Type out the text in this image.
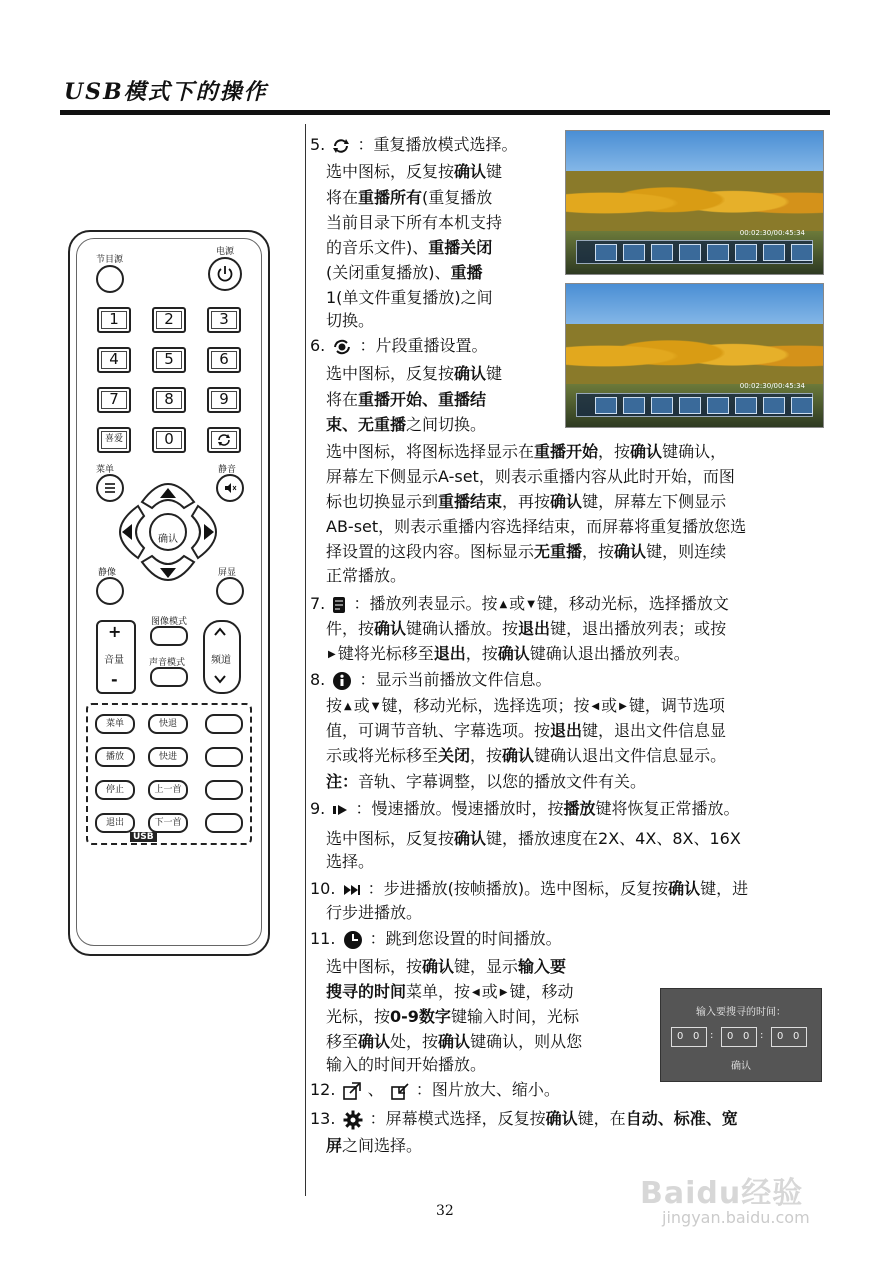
USB模式下的操作
节目源
电源
1	2	3
4	5	6
7	8	9
喜爱	0
菜单	静音
确认
静像	屏显
+
音量
-
图像模式
声音模式	频道
菜单	快退
播放	快进
停止	上一首
退出	下一首
USB
00:02:30/00:45:34
00:02:30/00:45:34
5. ：重复播放模式选择。
选中图标，反复按确认键
将在重播所有(重复播放
当前目录下所有本机支持
的音乐文件)、重播关闭
(关闭重复播放)、重播
1(单文件重复播放)之间
切换。
6. ：片段重播设置。
选中图标，反复按确认键
将在重播开始、重播结
束、无重播之间切换。
选中图标，将图标选择显示在重播开始，按确认键确认，
屏幕左下侧显示A-set，则表示重播内容从此时开始，而图
标也切换显示到重播结束，再按确认键，屏幕左下侧显示
AB-set，则表示重播内容选择结束，而屏幕将重复播放您选
择设置的这段内容。图标显示无重播，按确认键，则连续
正常播放。
7. ：播放列表显示。按 ▲ 或 ▼ 键，移动光标，选择播放文
件，按确认键确认播放。按退出键，退出播放列表；或按
▶ 键将光标移至退出，按确认键确认退出播放列表。
8. ：显示当前播放文件信息。
按 ▲ 或 ▼ 键，移动光标，选择选项；按 ◀ 或 ▶ 键，调节选项
值，可调节音轨、字幕选项。按退出键，退出文件信息显
示或将光标移至关闭，按确认键确认退出文件信息显示。
注：音轨、字幕调整，以您的播放文件有关。
9. ：慢速播放。慢速播放时，按播放键将恢复正常播放。
选中图标，反复按确认键，播放速度在2X、4X、8X、16X
选择。
10. ：步进播放(按帧播放)。选中图标，反复按确认键，进
行步进播放。
11. ：跳到您设置的时间播放。
选中图标，按确认键，显示输入要
搜寻的时间菜单，按 ◀ 或 ▶ 键，移动
光标，按0-9数字键输入时间，光标
移至确认处，按确认键确认，则从您
输入的时间开始播放。
输入要搜寻的时间：
0 0 : 0 0 : 0 0
确认
12. 、 ：图片放大、缩小。
13. ：屏幕模式选择，反复按确认键，在自动、标准、宽
屏之间选择。
32	Baidu经验
jingyan.baidu.com
